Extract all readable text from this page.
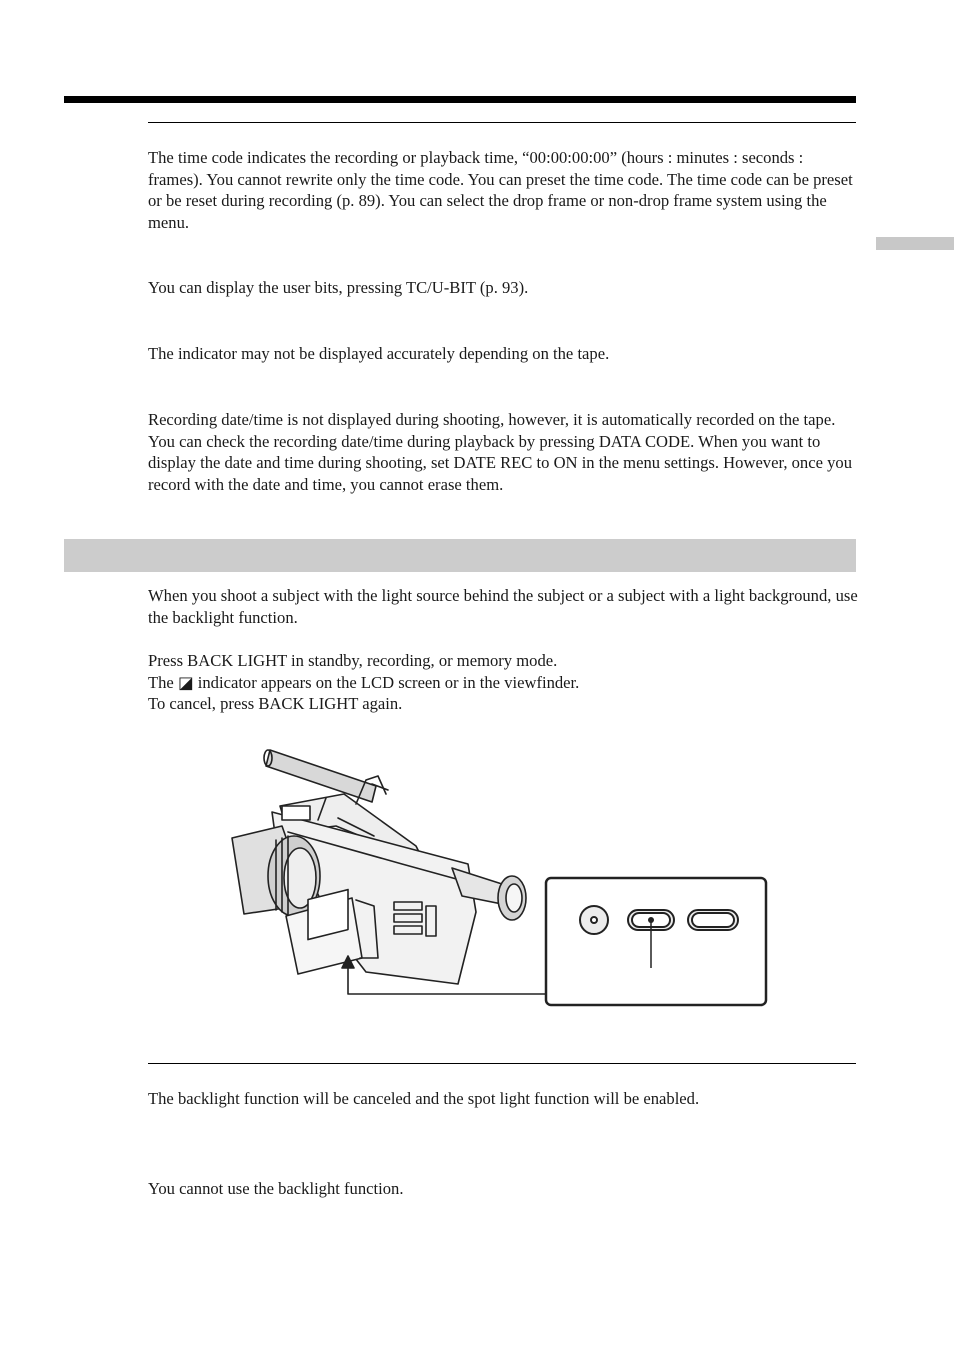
The time code indicates the recording or playback time, “00:00:00:00” (hours : minutes : seconds : frames). You cannot rewrite only the time code. You can preset the time code. The time code can be preset or be reset during recording (p. 89). You can select the drop frame or non-drop frame system using the menu.

You can display the user bits, pressing TC/U-BIT (p. 93).

The indicator may not be displayed accurately depending on the tape.

Recording date/time is not displayed during shooting, however, it is automatically recorded on the tape. You can check the recording date/time during playback by pressing DATA CODE. When you want to display the date and time during shooting, set DATE REC to ON in the menu settings. However, once you record with the date and time, you cannot erase them.

When you shoot a subject with the light source behind the subject or a subject with a light background, use the backlight function.

Press BACK LIGHT in standby, recording, or memory mode.

The ◪ indicator appears on the LCD screen or in the viewfinder.

To cancel, press BACK LIGHT again.

The backlight function will be canceled and the spot light function will be enabled.

You cannot use the backlight function.
